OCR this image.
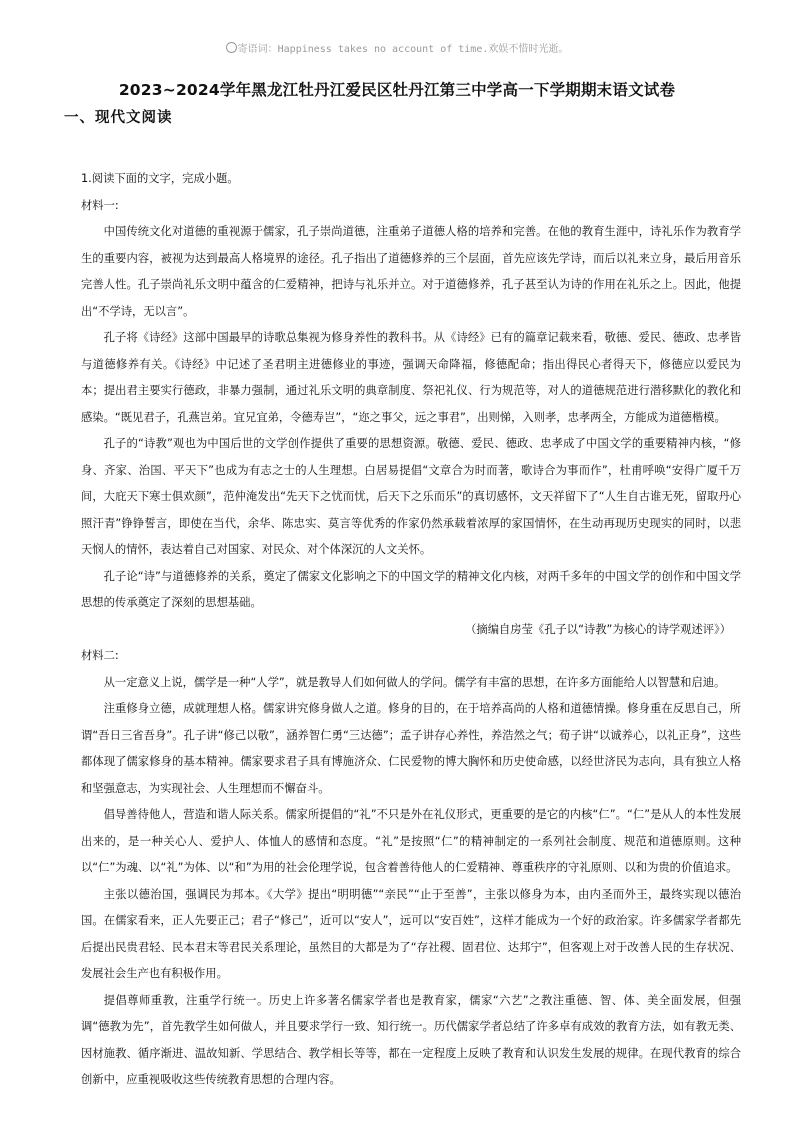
寄语词：Happiness takes no account of time.欢娱不惜时光逝。
2023~2024学年黑龙江牡丹江爱民区牡丹江第三中学高一下学期期末语文试卷
一、现代文阅读

1.阅读下面的文字，完成小题。

材料一:

中国传统文化对道德的重视源于儒家，孔子崇尚道德，注重弟子道德人格的培养和完善。在他的教育生涯中，诗礼乐作为教育学生的重要内容，被视为达到最高人格境界的途径。孔子指出了道德修养的三个层面，首先应该先学诗，而后以礼来立身，最后用音乐完善人性。孔子崇尚礼乐文明中蕴含的仁爱精神，把诗与礼乐并立。对于道德修养，孔子甚至认为诗的作用在礼乐之上。因此，他提出“不学诗，无以言”。

孔子将《诗经》这部中国最早的诗歌总集视为修身养性的教科书。从《诗经》已有的篇章记载来看，敬德、爱民、德政、忠孝皆与道德修养有关。《诗经》中记述了圣君明主进德修业的事迹，强调天命降福，修德配命；指出得民心者得天下，修德应以爱民为本；提出君主要实行德政，非暴力强制，通过礼乐文明的典章制度、祭祀礼仪、行为规范等，对人的道德规范进行潜移默化的教化和感染。“既见君子，孔燕岂弟。宜兄宜弟，令德寿岂”，“迩之事父，远之事君”，出则悌，入则孝，忠孝两全，方能成为道德楷模。

孔子的“诗教”观也为中国后世的文学创作提供了重要的思想资源。敬德、爱民、德政、忠孝成了中国文学的重要精神内核，“修身、齐家、治国、平天下”也成为有志之士的人生理想。白居易提倡“文章合为时而著，歌诗合为事而作”，杜甫呼唤“安得广厦千万间，大庇天下寒士俱欢颜”，范仲淹发出“先天下之忧而忧，后天下之乐而乐”的真切感怀，文天祥留下了“人生自古谁无死，留取丹心照汗青”铮铮誓言，即使在当代，余华、陈忠实、莫言等优秀的作家仍然承载着浓厚的家国情怀，在生动再现历史现实的同时，以悲天悯人的情怀，表达着自己对国家、对民众、对个体深沉的人文关怀。

孔子论“诗”与道德修养的关系，奠定了儒家文化影响之下的中国文学的精神文化内核，对两千多年的中国文学的创作和中国文学思想的传承奠定了深刻的思想基础。

（摘编自房莹《孔子以“诗教”为核心的诗学观述评》）

材料二:

从一定意义上说，儒学是一种“人学”，就是教导人们如何做人的学问。儒学有丰富的思想，在许多方面能给人以智慧和启迪。

注重修身立德，成就理想人格。儒家讲究修身做人之道。修身的目的，在于培养高尚的人格和道德情操。修身重在反思自己，所谓“吾日三省吾身”。孔子讲“修己以敬”，涵养智仁勇“三达德”；孟子讲存心养性，养浩然之气；荀子讲“以诚养心，以礼正身”，这些都体现了儒家修身的基本精神。儒家要求君子具有博施济众、仁民爱物的博大胸怀和历史使命感，以经世济民为志向，具有独立人格和坚强意志，为实现社会、人生理想而不懈奋斗。

倡导善待他人，营造和谐人际关系。儒家所提倡的“礼”不只是外在礼仪形式，更重要的是它的内核“仁”。“仁”是从人的本性发展出来的，是一种关心人、爱护人、体恤人的感情和态度。“礼”是按照“仁”的精神制定的一系列社会制度、规范和道德原则。这种以“仁”为魂、以“礼”为体、以“和”为用的社会伦理学说，包含着善待他人的仁爱精神、尊重秩序的守礼原则、以和为贵的价值追求。

主张以德治国，强调民为邦本。《大学》提出“明明德”“亲民”“止于至善”，主张以修身为本，由内圣而外王，最终实现以德治国。在儒家看来，正人先要正己；君子“修己”，近可以“安人”，远可以“安百姓”，这样才能成为一个好的政治家。许多儒家学者都先后提出民贵君轻、民本君末等君民关系理论，虽然目的大都是为了“存社稷、固君位、达邦宁”，但客观上对于改善人民的生存状况、发展社会生产也有积极作用。

提倡尊师重教，注重学行统一。历史上许多著名儒家学者也是教育家，儒家“六艺”之教注重德、智、体、美全面发展，但强调“德教为先”，首先教学生如何做人，并且要求学行一致、知行统一。历代儒家学者总结了许多卓有成效的教育方法，如有教无类、因材施教、循序渐进、温故知新、学思结合、教学相长等等，都在一定程度上反映了教育和认识发生发展的规律。在现代教育的综合创新中，应重视吸收这些传统教育思想的合理内容。
